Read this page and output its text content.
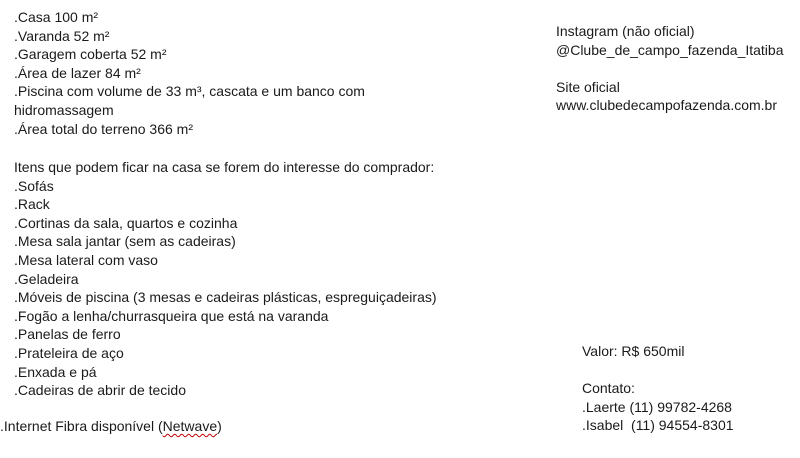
.Casa 100 m²
.Varanda 52 m²
.Garagem coberta 52 m²
.Área de lazer 84 m²
.Piscina com volume de 33 m³, cascata e um banco com
hidromassagem
.Área total do terreno 366 m²
Itens que podem ficar na casa se forem do interesse do comprador:
.Sofás
.Rack
.Cortinas da sala, quartos e cozinha
.Mesa sala jantar (sem as cadeiras)
.Mesa lateral com vaso
.Geladeira
.Móveis de piscina (3 mesas e cadeiras plásticas, espreguiçadeiras)
.Fogão a lenha/churrasqueira que está na varanda
.Panelas de ferro
.Prateleira de aço
.Enxada e pá
.Cadeiras de abrir de tecido
.Internet Fibra disponível (Netwave)
Instagram (não oficial)
@Clube_de_campo_fazenda_Itatiba
Site oficial
www.clubedecampofazenda.com.br
Valor: R$ 650mil
Contato:
.Laerte (11) 99782-4268
.Isabel  (11) 94554-8301
